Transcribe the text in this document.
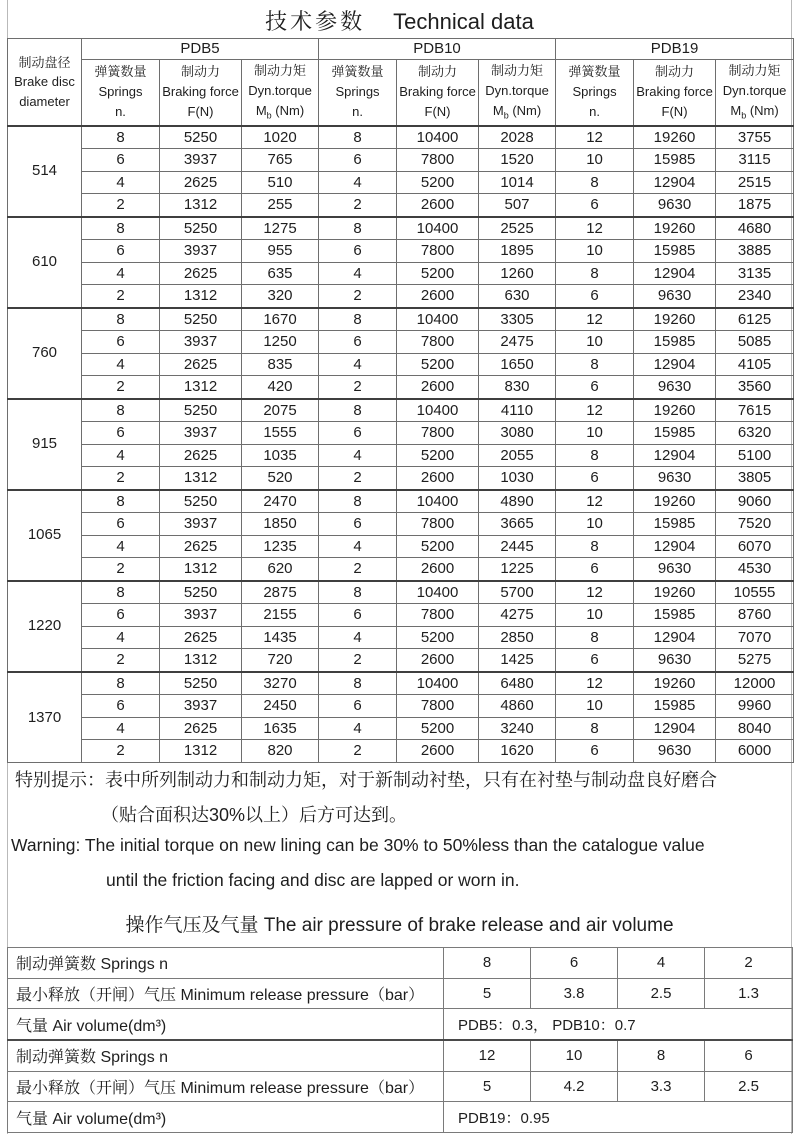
技术参数 Technical data
制动盘径
Brake disc
diameter	PDB5			PDB10			PDB19		
	弹簧数量
Springs
n.	制动力
Braking force
F(N)	制动力矩
Dyn.torque
$M_b$ (Nm)	弹簧数量
Springs
n.	制动力
Braking force
F(N)	制动力矩
Dyn.torque
$M_b$ (Nm)	弹簧数量
Springs
n.	制动力
Braking force
F(N)	制动力矩
Dyn.torque
$M_b$ (Nm)
514	8	5250	1020	8	10400	2028	12	19260	3755
	6	3937	765	6	7800	1520	10	15985	3115
	4	2625	510	4	5200	1014	8	12904	2515
	2	1312	255	2	2600	507	6	9630	1875
610	8	5250	1275	8	10400	2525	12	19260	4680
	6	3937	955	6	7800	1895	10	15985	3885
	4	2625	635	4	5200	1260	8	12904	3135
	2	1312	320	2	2600	630	6	9630	2340
760	8	5250	1670	8	10400	3305	12	19260	6125
	6	3937	1250	6	7800	2475	10	15985	5085
	4	2625	835	4	5200	1650	8	12904	4105
	2	1312	420	2	2600	830	6	9630	3560
915	8	5250	2075	8	10400	4110	12	19260	7615
	6	3937	1555	6	7800	3080	10	15985	6320
	4	2625	1035	4	5200	2055	8	12904	5100
	2	1312	520	2	2600	1030	6	9630	3805
1065	8	5250	2470	8	10400	4890	12	19260	9060
	6	3937	1850	6	7800	3665	10	15985	7520
	4	2625	1235	4	5200	2445	8	12904	6070
	2	1312	620	2	2600	1225	6	9630	4530
1220	8	5250	2875	8	10400	5700	12	19260	10555
	6	3937	2155	6	7800	4275	10	15985	8760
	4	2625	1435	4	5200	2850	8	12904	7070
	2	1312	720	2	2600	1425	6	9630	5275
1370	8	5250	3270	8	10400	6480	12	19260	12000
	6	3937	2450	6	7800	4860	10	15985	9960
	4	2625	1635	4	5200	3240	8	12904	8040
	2	1312	820	2	2600	1620	6	9630	6000

特别提示：表中所列制动力和制动力矩，对于新制动衬垫，只有在衬垫与制动盘良好磨合

（贴合面积达30%以上）后方可达到。

Warning: The initial torque on new lining can be 30% to 50%less than the catalogue value

until the friction facing and disc are lapped or worn in.

操作气压及气量 The air pressure of brake release and air volume
制动弹簧数 Springs n	8	6	4	2
最小释放（开闸）气压 Minimum release pressure（bar）	5	3.8	2.5	1.3
气量 Air volume(dm³)	PDB5：0.3， PDB10：0.7			
制动弹簧数 Springs n	12	10	8	6
最小释放（开闸）气压 Minimum release pressure（bar）	5	4.2	3.3	2.5
气量 Air volume(dm³)	PDB19：0.95			
